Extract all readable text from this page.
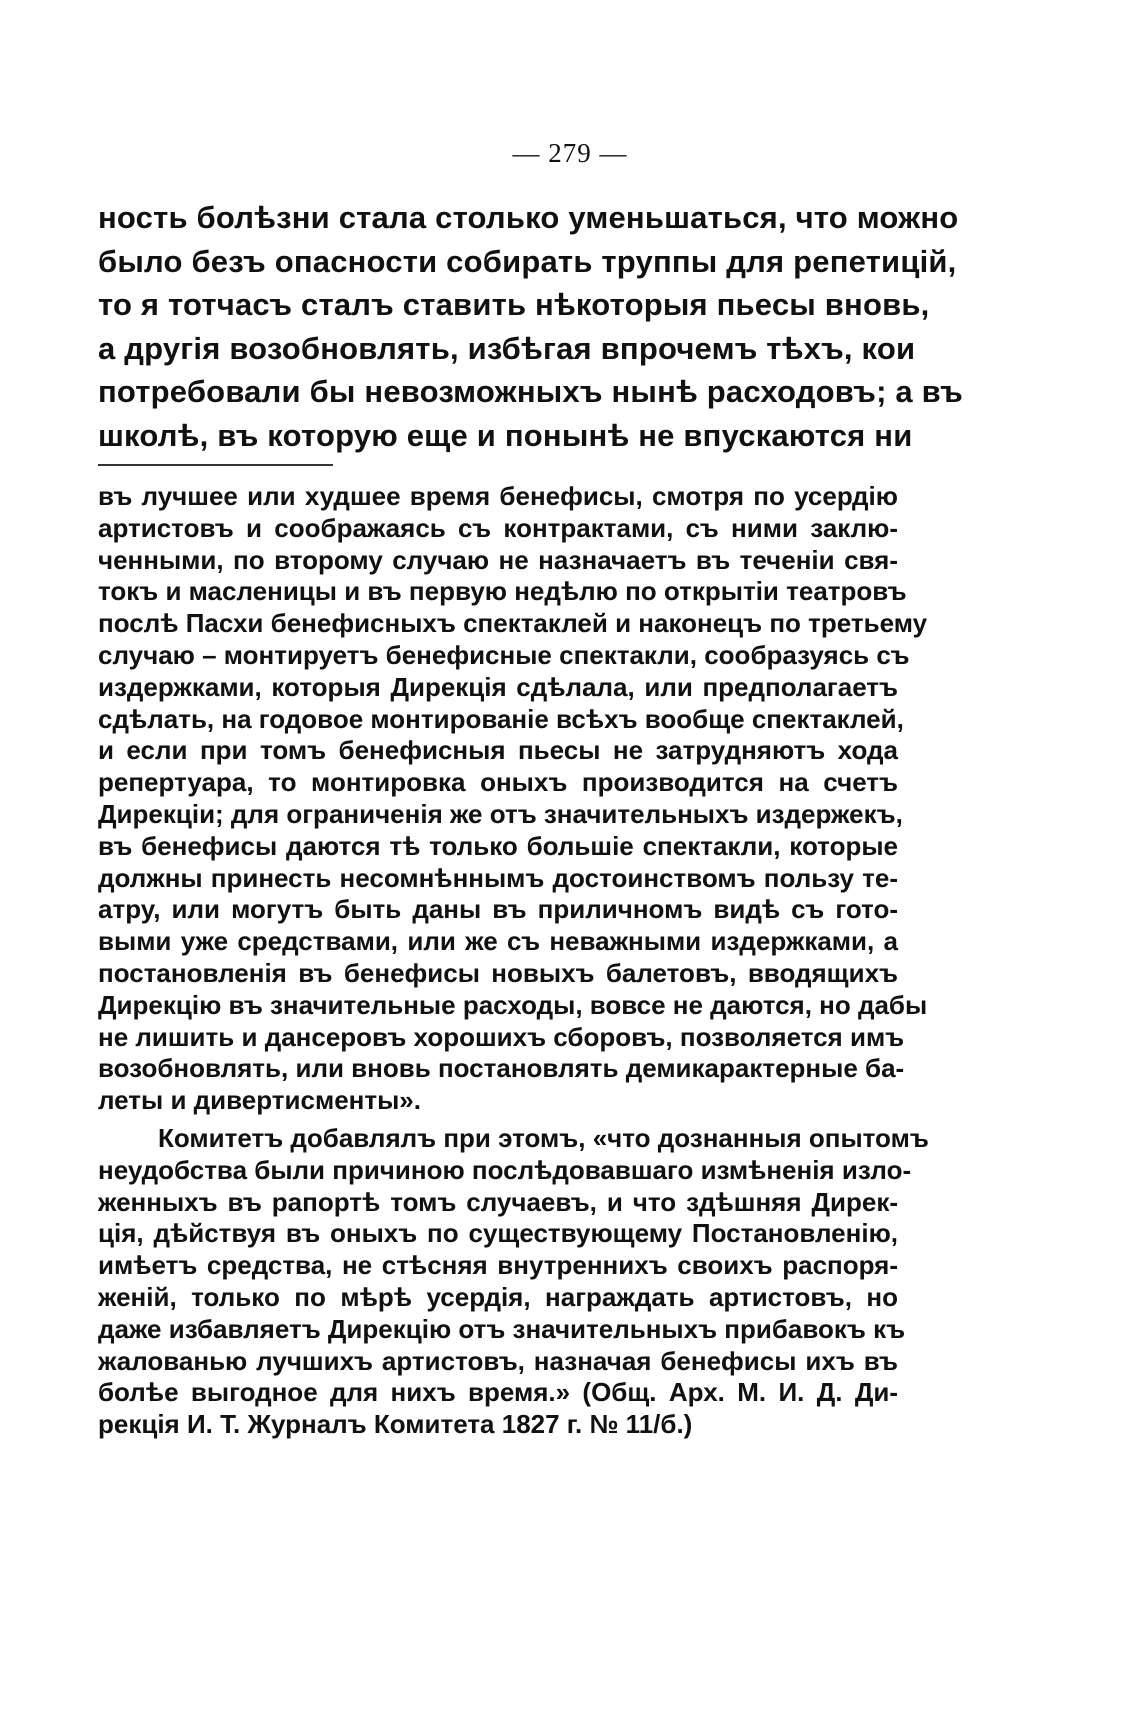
— 279 —
ность болѣзни стала столько уменьшаться, что можно
было безъ опасности собирать труппы для репетицій,
то я тотчасъ сталъ ставить нѣкоторыя пьесы вновь,
а другія возобновлять, избѣгая впрочемъ тѣхъ, кои
потребовали бы невозможныхъ нынѣ расходовъ; а въ
школѣ, въ которую еще и понынѣ не впускаются ни
въ лучшее или худшее время бенефисы, смотря по усердію
артистовъ и соображаясь съ контрактами, съ ними заклю-
ченными, по второму случаю не назначаетъ въ теченіи свя-
токъ и масленицы и въ первую недѣлю по открытіи театровъ
послѣ Пасхи бенефисныхъ спектаклей и наконецъ по третьему
случаю – монтируетъ бенефисные спектакли, сообразуясь съ
издержками, которыя Дирекція сдѣлала, или предполагаетъ
сдѣлать, на годовое монтированіе всѣхъ вообще спектаклей,
и если при томъ бенефисныя пьесы не затрудняютъ хода
репертуара, то монтировка оныхъ производится на счетъ
Дирекціи; для ограниченія же отъ значительныхъ издержекъ,
въ бенефисы даются тѣ только большіе спектакли, которые
должны принесть несомнѣннымъ достоинствомъ пользу те-
атру, или могутъ быть даны въ приличномъ видѣ съ гото-
выми уже средствами, или же съ неважными издержками, а
постановленія въ бенефисы новыхъ балетовъ, вводящихъ
Дирекцію въ значительные расходы, вовсе не даются, но дабы
не лишить и дансеровъ хорошихъ сборовъ, позволяется имъ
возобновлять, или вновь постановлять демикарактерные ба-
леты и дивертисменты».
Комитетъ добавлялъ при этомъ, «что дознанныя опытомъ
неудобства были причиною послѣдовавшаго измѣненія изло-
женныхъ въ рапортѣ томъ случаевъ, и что здѣшняя Дирек-
ція, дѣйствуя въ оныхъ по существующему Постановленію,
имѣетъ средства, не стѣсняя внутреннихъ своихъ распоря-
женій, только по мѣрѣ усердія, награждать артистовъ, но
даже избавляетъ Дирекцію отъ значительныхъ прибавокъ къ
жалованью лучшихъ артистовъ, назначая бенефисы ихъ въ
болѣе выгодное для нихъ время.» (Общ. Арх. М. И. Д. Ди-
рекція И. Т. Журналъ Комитета 1827 г. № 11/б.)
